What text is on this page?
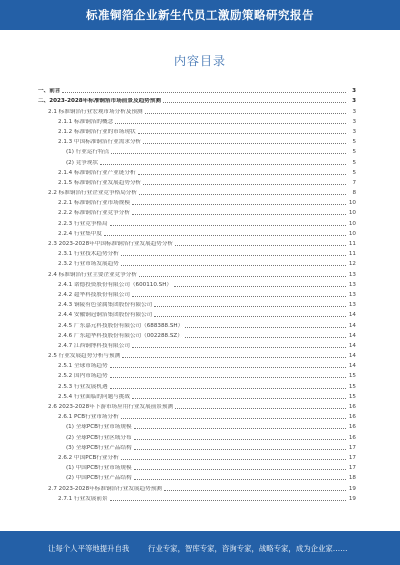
标准铜箔企业新生代员工激励策略研究报告
内容目录
一、前言	3
二、2023-2028年标准铜箔市场前景及趋势预测	3
2.1 标准铜箔行业宏观市场分析及预测	3
2.1.1 标准铜箔的概念	3
2.1.2 标准铜箔行业的市场现状	3
2.1.3 中国标准铜箔行业需求分析	5
(1) 行业运行特点	5
(2) 竞争现状	5
2.1.4 标准铜箔行业产业链分析	5
2.1.5 标准铜箔行业发展趋势分析	7
2.2 标准铜箔行业企业竞争格局分析	8
2.2.1 标准铜箔行业市场规模	10
2.2.2 标准铜箔行业竞争分析	10
2.2.3 行业竞争格局	10
2.2.4 行业集中度	10
2.3 2023-2028年中国标准铜箔行业发展趋势分析	11
2.3.1 行业技术趋势分析	11
2.3.2 行业市场发展趋势	12
2.4 标准铜箔行业主要企业竞争分析	13
2.4.1 诺德投资股份有限公司（600110.SH）	13
2.4.2 超华科技股份有限公司	13
2.4.3 铜陵有色金属集团股份有限公司	13
2.4.4 安徽铜冠铜箔集团股份有限公司	14
2.4.5 广东嘉元科技股份有限公司（688388.SH）	14
2.4.6 广东超华科技股份有限公司（002288.SZ）	14
2.4.7 江西铜博科技有限公司	14
2.5 行业发展趋势分析与预测	14
2.5.1 全球市场趋势	14
2.5.2 国内市场趋势	15
2.5.3 行业发展机遇	15
2.5.4 行业面临的问题与挑战	15
2.6 2023-2028年下游市场应用行业发展前景预测	16
2.6.1 PCB行业市场分析	16
(1) 全球PCB行业市场规模	16
(2) 全球PCB行业区域分布	16
(3) 全球PCB行业产品结构	17
2.6.2 中国PCB行业分析	17
(1) 中国PCB行业市场规模	17
(2) 中国PCB行业产品结构	18
2.7 2023-2028年标准铜箔行业发展趋势预测	19
2.7.1 行业发展前景	19
让每个人平等地提升自我	行业专家，智库专家，咨询专家，战略专家，成为企业家……
